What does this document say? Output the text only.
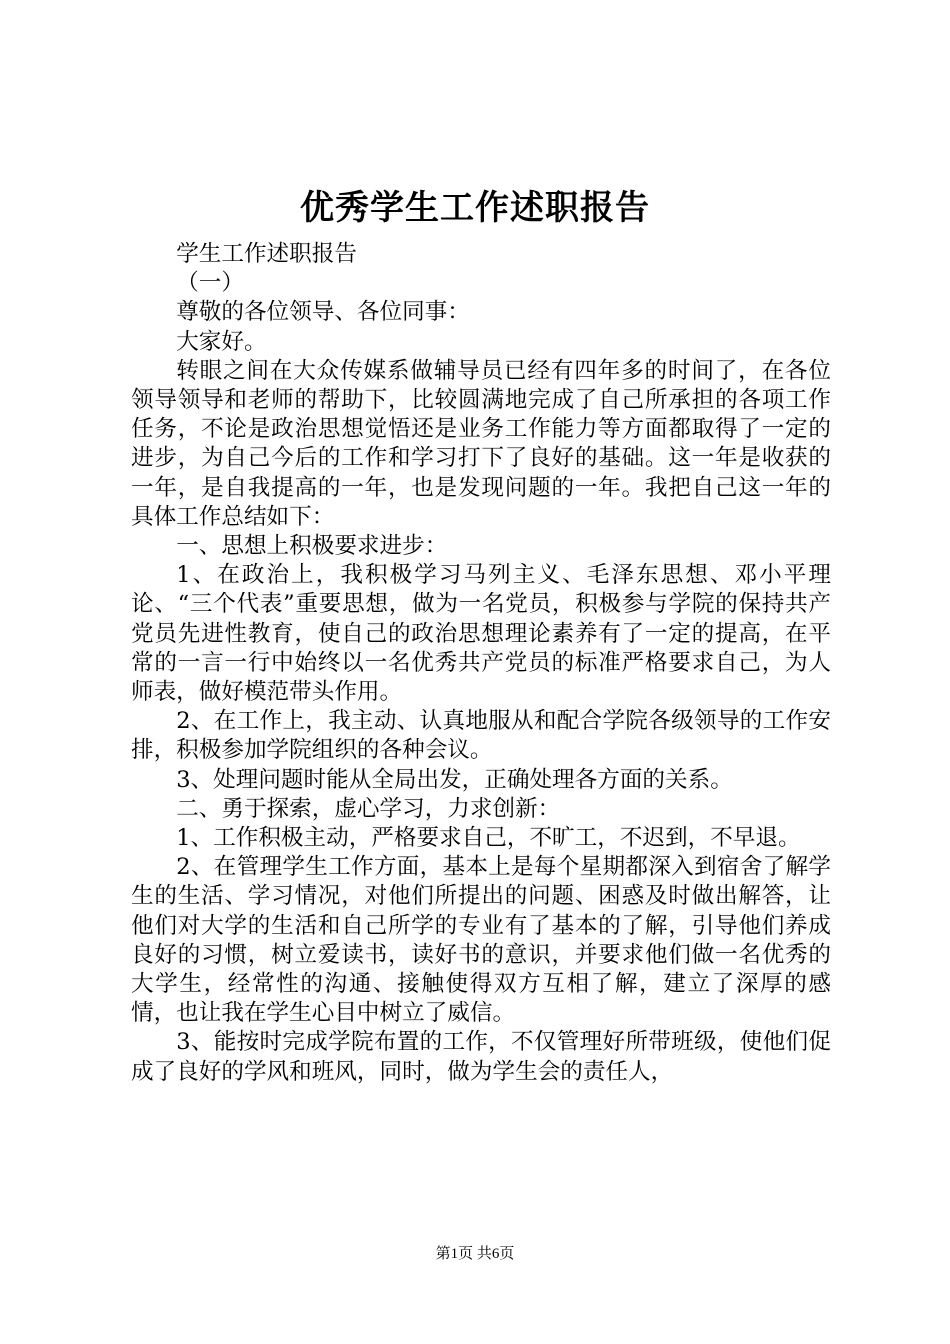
优秀学生工作述职报告

学生工作述职报告

（一）

尊敬的各位领导、各位同事：

大家好。

转眼之间在大众传媒系做辅导员已经有四年多的时间了，在各位领导领导和老师的帮助下，比较圆满地完成了自己所承担的各项工作任务，不论是政治思想觉悟还是业务工作能力等方面都取得了一定的进步，为自己今后的工作和学习打下了良好的基础。这一年是收获的一年，是自我提高的一年，也是发现问题的一年。我把自己这一年的具体工作总结如下：

一、思想上积极要求进步：

1、在政治上，我积极学习马列主义、毛泽东思想、邓小平理论、“三个代表”重要思想，做为一名党员，积极参与学院的保持共产党员先进性教育，使自己的政治思想理论素养有了一定的提高，在平常的一言一行中始终以一名优秀共产党员的标准严格要求自己，为人师表，做好模范带头作用。

2、在工作上，我主动、认真地服从和配合学院各级领导的工作安排，积极参加学院组织的各种会议。

3、处理问题时能从全局出发，正确处理各方面的关系。

二、勇于探索，虚心学习，力求创新：

1、工作积极主动，严格要求自己，不旷工，不迟到，不早退。

2、在管理学生工作方面，基本上是每个星期都深入到宿舍了解学生的生活、学习情况，对他们所提出的问题、困惑及时做出解答，让他们对大学的生活和自己所学的专业有了基本的了解，引导他们养成良好的习惯，树立爱读书，读好书的意识，并要求他们做一名优秀的大学生，经常性的沟通、接触使得双方互相了解，建立了深厚的感情，也让我在学生心目中树立了威信。

3、能按时完成学院布置的工作，不仅管理好所带班级，使他们促成了良好的学风和班风，同时，做为学生会的责任人，

第1页 共6页
